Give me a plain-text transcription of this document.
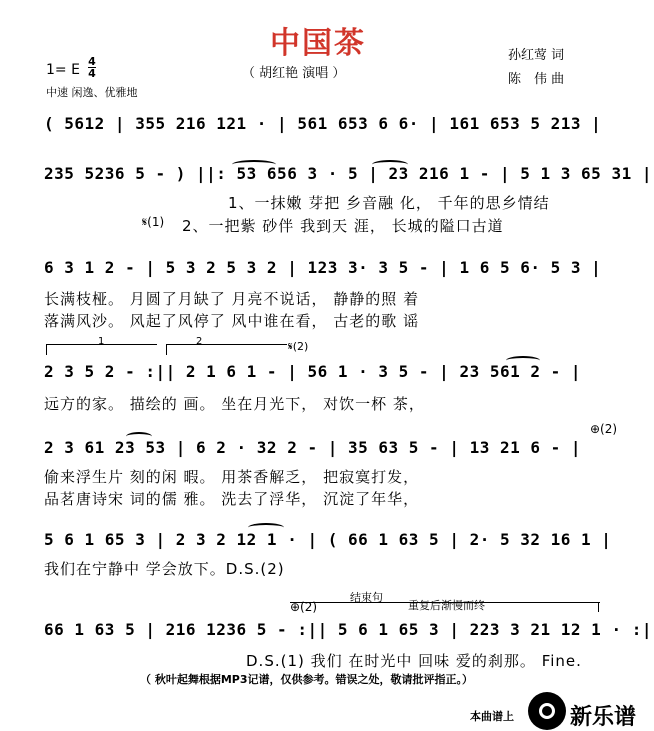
中国茶
（ 胡红艳 演唱 ）
1= E
4
4
中速 闲逸、优雅地
孙红莺 词
陈　伟 曲
( 5612 | 355 216 121 · | 561 653 6 6· | 161 653 5 213 |
235 5236 5 - ) ||: 53 656 3 · 5 | 23 216 1 - | 5 1 3 65 31 |
𝄋(1)
1、一抹嫩 芽把 乡音融 化， 千年的思乡情结
2、一把紫 砂伴 我到天 涯， 长城的隘口古道
6 3 1 2 - | 5 3 2 5 3 2 | 123 3· 3 5 - | 1 6 5 6· 5 3 |
长满枝桠。 月圆了月缺了 月亮不说话， 静静的照 着
落满风沙。 风起了风停了 风中谁在看， 古老的歌 谣
1	2	𝄋(2)
2 3 5 2 - :|| 2 1 6 1 - | 56 1 · 3 5 - | 23 561 2 - |
远方的家。 描绘的 画。 坐在月光下， 对饮一杯 茶，
⊕(2)
2 3 61 23 53 | 6 2 · 32 2 - | 35 63 5 - | 13 21 6 - |
偷来浮生片 刻的闲 暇。 用茶香解乏， 把寂寞打发，
品茗唐诗宋 词的儒 雅。 洗去了浮华， 沉淀了年华，
5 6 1 65 3 | 2 3 2 12 1 · | ( 66 1 63 5 | 2· 5 32 16 1 |
我们在宁静中 学会放下。D.S.(2)
结束句
重复后渐慢而终
⊕(2)
66 1 63 5 | 216 1236 5 - :|| 5 6 1 65 3 | 223 3 21 12 1 · :|
D.S.(1) 我们 在时光中 回味 爱的刹那。 Fine.
（ 秋叶起舞根据MP3记谱，仅供参考。错误之处，敬请批评指正。）
本曲谱上	新乐谱
